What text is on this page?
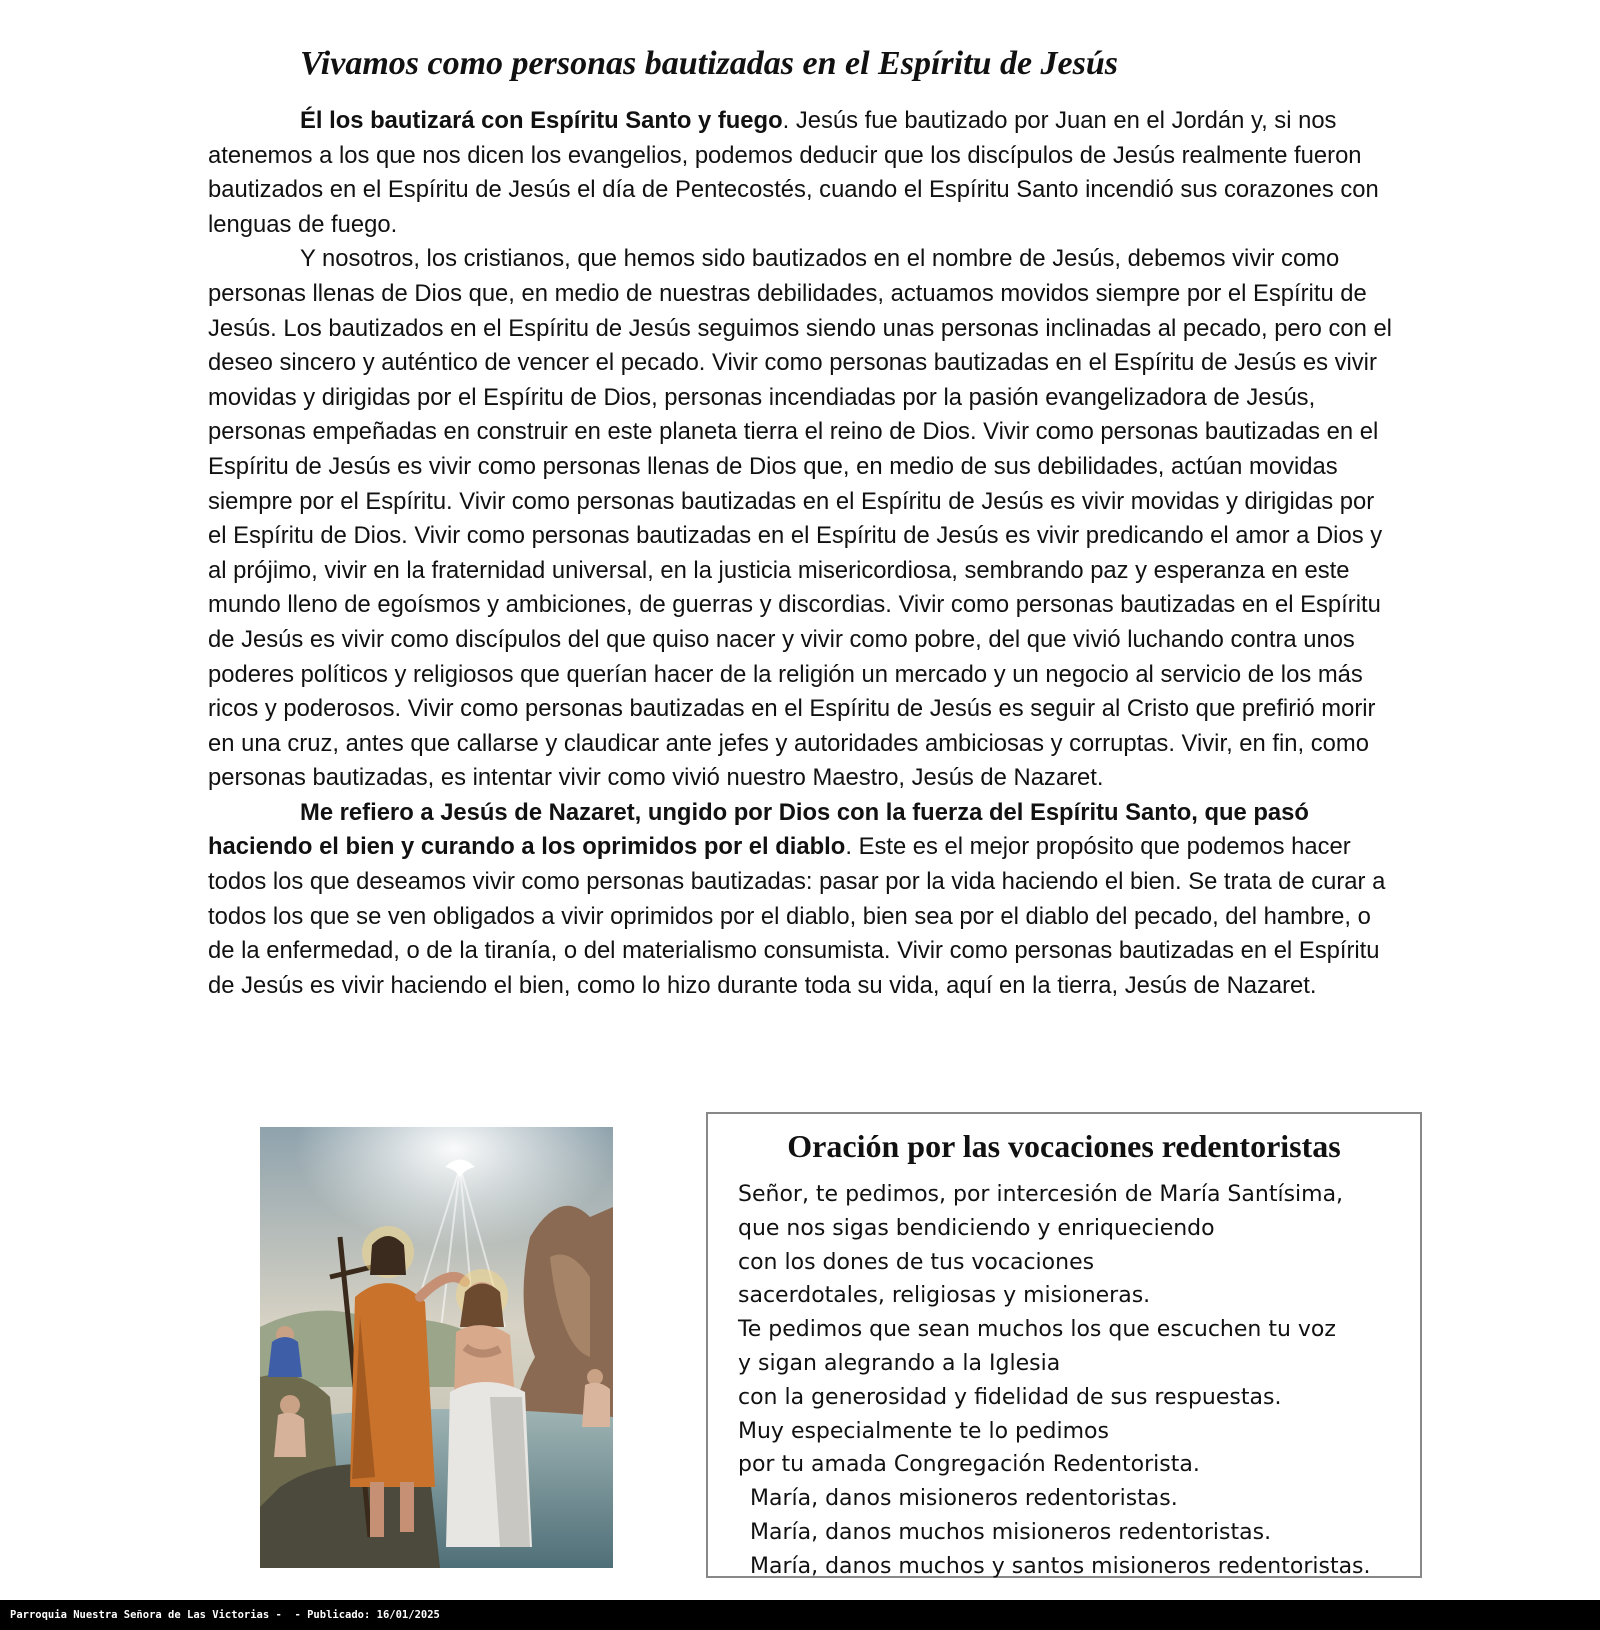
Vivamos como personas bautizadas en el Espíritu de Jesús

Él los bautizará con Espíritu Santo y fuego. Jesús fue bautizado por Juan en el Jordán y, si nos atenemos a los que nos dicen los evangelios, podemos deducir que los discípulos de Jesús realmente fueron bautizados en el Espíritu de Jesús el día de Pentecostés, cuando el Espíritu Santo incendió sus corazones con lenguas de fuego.

Y nosotros, los cristianos, que hemos sido bautizados en el nombre de Jesús, debemos vivir como personas llenas de Dios que, en medio de nuestras debilidades, actuamos movidos siempre por el Espíritu de Jesús. Los bautizados en el Espíritu de Jesús seguimos siendo unas personas inclinadas al pecado, pero con el deseo sincero y auténtico de vencer el pecado. Vivir como personas bautizadas en el Espíritu de Jesús es vivir movidas y dirigidas por el Espíritu de Dios, personas incendiadas por la pasión evangelizadora de Jesús, personas empeñadas en construir en este planeta tierra el reino de Dios. Vivir como personas bautizadas en el Espíritu de Jesús es vivir como personas llenas de Dios que, en medio de sus debilidades, actúan movidas siempre por el Espíritu. Vivir como personas bautizadas en el Espíritu de Jesús es vivir movidas y dirigidas por el Espíritu de Dios. Vivir como personas bautizadas en el Espíritu de Jesús es vivir predicando el amor a Dios y al prójimo, vivir en la fraternidad universal, en la justicia misericordiosa, sembrando paz y esperanza en este mundo lleno de egoísmos y ambiciones, de guerras y discordias. Vivir como personas bautizadas en el Espíritu de Jesús es vivir como discípulos del que quiso nacer y vivir como pobre, del que vivió luchando contra unos poderes políticos y religiosos que querían hacer de la religión un mercado y un negocio al servicio de los más ricos y poderosos. Vivir como personas bautizadas en el Espíritu de Jesús es seguir al Cristo que prefirió morir en una cruz, antes que callarse y claudicar ante jefes y autoridades ambiciosas y corruptas. Vivir, en fin, como personas bautizadas, es intentar vivir como vivió nuestro Maestro, Jesús de Nazaret.

Me refiero a Jesús de Nazaret, ungido por Dios con la fuerza del Espíritu Santo, que pasó haciendo el bien y curando a los oprimidos por el diablo. Este es el mejor propósito que podemos hacer todos los que deseamos vivir como personas bautizadas: pasar por la vida haciendo el bien. Se trata de curar a todos los que se ven obligados a vivir oprimidos por el diablo, bien sea por el diablo del pecado, del hambre, o de la enfermedad, o de la tiranía, o del materialismo consumista. Vivir como personas bautizadas en el Espíritu de Jesús es vivir haciendo el bien, como lo hizo durante toda su vida, aquí en la tierra, Jesús de Nazaret.

Oración por las vocaciones redentoristas
Señor, te pedimos, por intercesión de María Santísima,
que nos sigas bendiciendo y enriqueciendo
con los dones de tus vocaciones
sacerdotales, religiosas y misioneras.
Te pedimos que sean muchos los que escuchen tu voz
y sigan alegrando a la Iglesia
con la generosidad y fidelidad de sus respuestas.
Muy especialmente te lo pedimos
por tu amada Congregación Redentorista.
María, danos misioneros redentoristas.
María, danos muchos misioneros redentoristas.
María, danos muchos y santos misioneros redentoristas.
Parroquia Nuestra Señora de Las Victorias -  - Publicado: 16/01/2025
